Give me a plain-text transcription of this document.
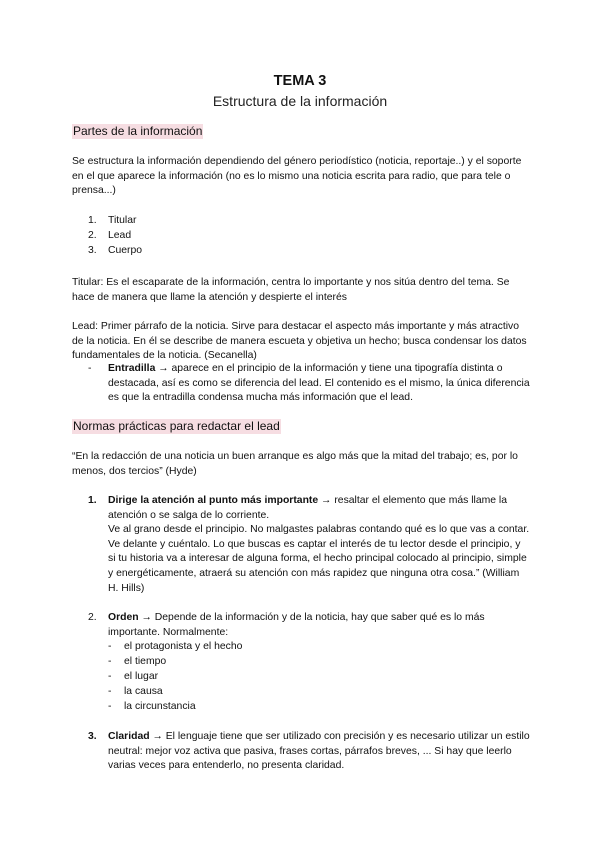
TEMA 3
Estructura de la información
Partes de la información
Se estructura la información dependiendo del género periodístico (noticia, reportaje..) y el soporte en el que aparece la información (no es lo mismo una noticia escrita para radio, que para tele o prensa...)
1. Titular
2. Lead
3. Cuerpo
Titular: Es el escaparate de la información, centra lo importante y nos sitúa dentro del tema. Se hace de manera que llame la atención y despierte el interés
Lead: Primer párrafo de la noticia. Sirve para destacar el aspecto más importante y más atractivo de la noticia. En él se describe de manera escueta y objetiva un hecho; busca condensar los datos fundamentales de la noticia. (Secanella)
- Entradilla → aparece en el principio de la información y tiene una tipografía distinta o destacada, así es como se diferencia del lead. El contenido es el mismo, la única diferencia es que la entradilla condensa mucha más información que el lead.
Normas prácticas para redactar el lead
“En la redacción de una noticia un buen arranque es algo más que la mitad del trabajo; es, por lo menos, dos tercios” (Hyde)
1. Dirige la atención al punto más importante → resaltar el elemento que más llame la atención o se salga de lo corriente.
Ve al grano desde el principio. No malgastes palabras contando qué es lo que vas a contar. Ve delante y cuéntalo. Lo que buscas es captar el interés de tu lector desde el principio, y si tu historia va a interesar de alguna forma, el hecho principal colocado al principio, simple y energéticamente, atraerá su atención con más rapidez que ninguna otra cosa.” (William H. Hills)
2. Orden → Depende de la información y de la noticia, hay que saber qué es lo más importante. Normalmente:
- el protagonista y el hecho
- el tiempo
- el lugar
- la causa
- la circunstancia
3. Claridad → El lenguaje tiene que ser utilizado con precisión y es necesario utilizar un estilo neutral: mejor voz activa que pasiva, frases cortas, párrafos breves, ... Si hay que leerlo varias veces para entenderlo, no presenta claridad.
